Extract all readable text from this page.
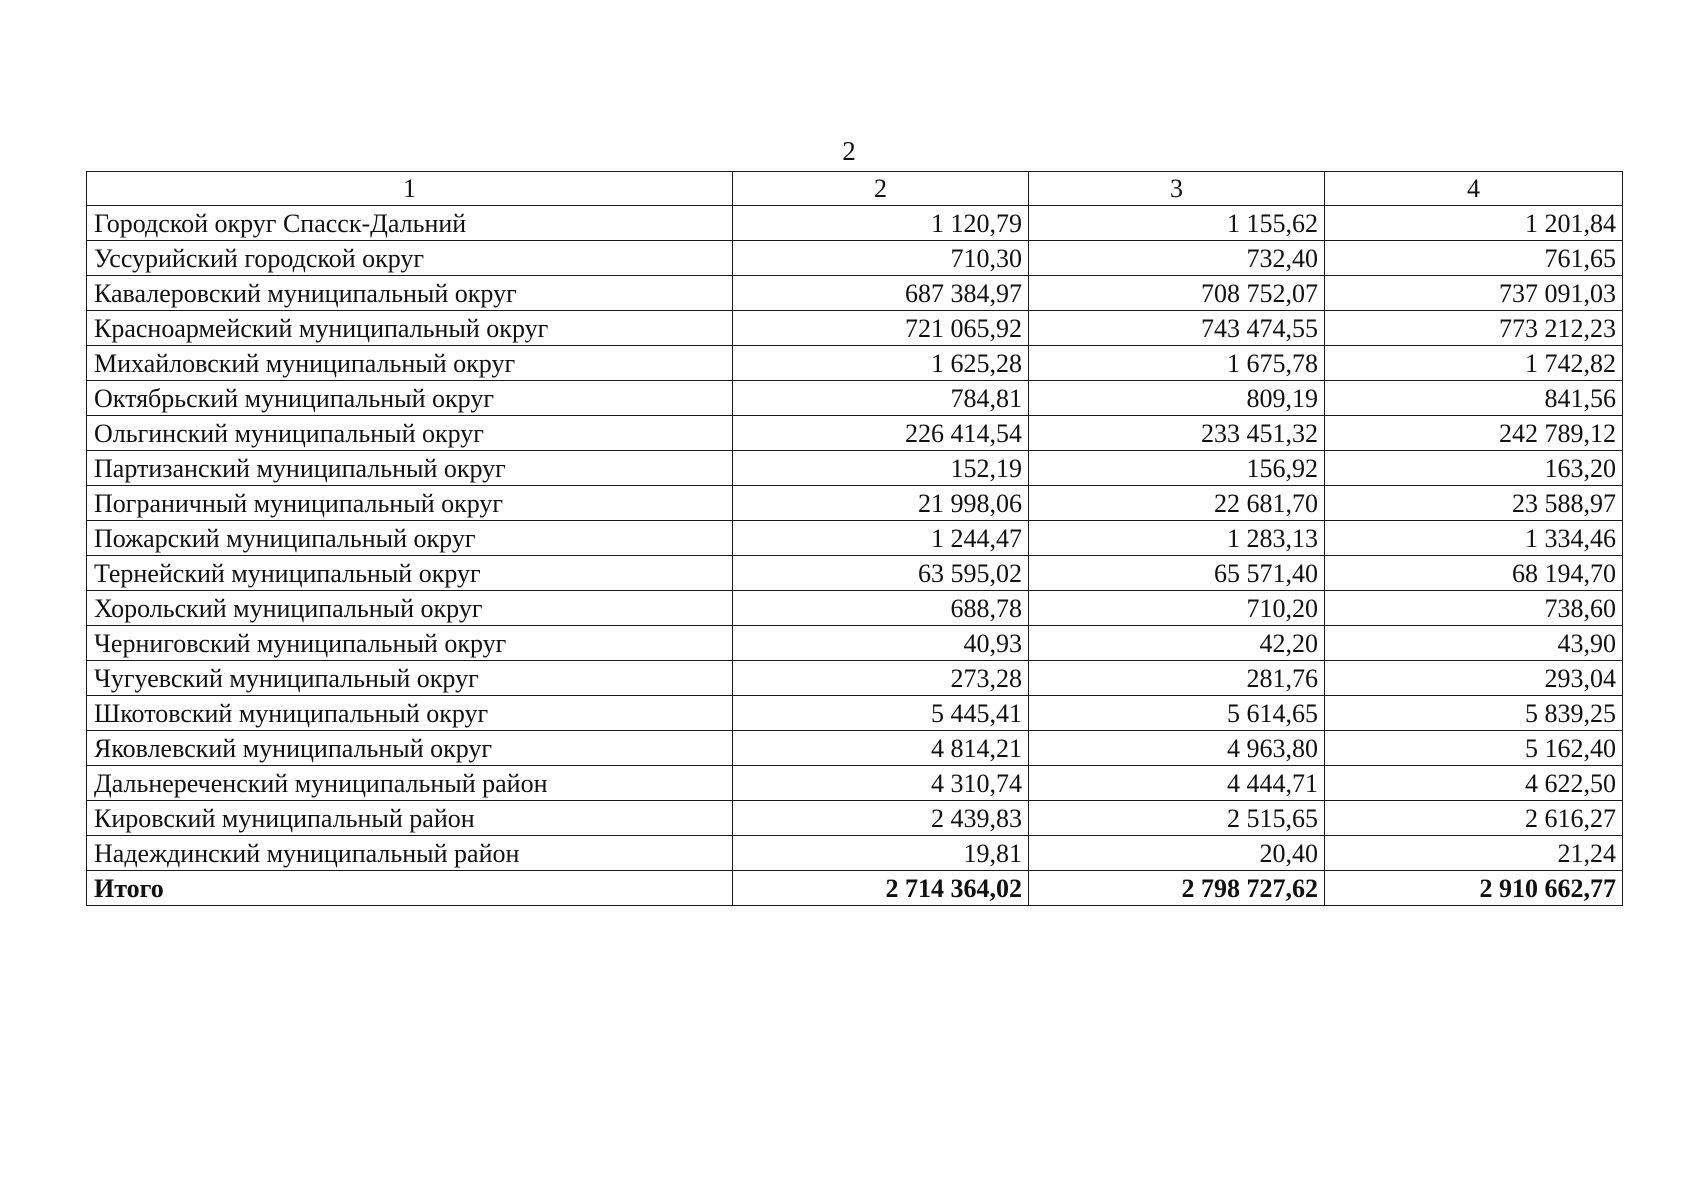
2
1	2	3	4
Городской округ Спасск-Дальний	1 120,79	1 155,62	1 201,84
Уссурийский городской округ	710,30	732,40	761,65
Кавалеровский муниципальный округ	687 384,97	708 752,07	737 091,03
Красноармейский муниципальный округ	721 065,92	743 474,55	773 212,23
Михайловский муниципальный округ	1 625,28	1 675,78	1 742,82
Октябрьский муниципальный округ	784,81	809,19	841,56
Ольгинский муниципальный округ	226 414,54	233 451,32	242 789,12
Партизанский муниципальный округ	152,19	156,92	163,20
Пограничный муниципальный округ	21 998,06	22 681,70	23 588,97
Пожарский муниципальный округ	1 244,47	1 283,13	1 334,46
Тернейский муниципальный округ	63 595,02	65 571,40	68 194,70
Хорольский муниципальный округ	688,78	710,20	738,60
Черниговский муниципальный округ	40,93	42,20	43,90
Чугуевский муниципальный округ	273,28	281,76	293,04
Шкотовский муниципальный округ	5 445,41	5 614,65	5 839,25
Яковлевский муниципальный округ	4 814,21	4 963,80	5 162,40
Дальнереченский муниципальный район	4 310,74	4 444,71	4 622,50
Кировский муниципальный район	2 439,83	2 515,65	2 616,27
Надеждинский муниципальный район	19,81	20,40	21,24
Итого	2 714 364,02	2 798 727,62	2 910 662,77
